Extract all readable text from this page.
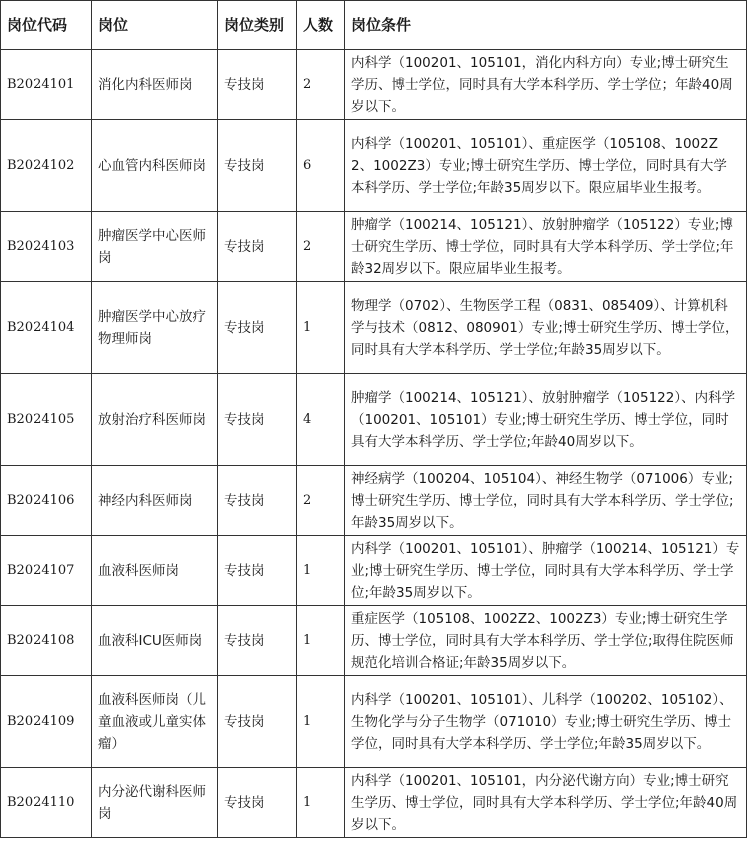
岗位代码	岗位	岗位类别	人数	岗位条件
B2024101	消化内科医师岗	专技岗	2	内科学（100201、105101，消化内科方向）专业;博士研究生学历、博士学位，同时具有大学本科学历、学士学位；年龄40周岁以下。
B2024102	心血管内科医师岗	专技岗	6	内科学（100201、105101）、重症医学（105108、1002Z2、1002Z3）专业;博士研究生学历、博士学位，同时具有大学本科学历、学士学位;年龄35周岁以下。限应届毕业生报考。
B2024103	肿瘤医学中心医师岗	专技岗	2	肿瘤学（100214、105121）、放射肿瘤学（105122）专业;博士研究生学历、博士学位，同时具有大学本科学历、学士学位;年龄32周岁以下。限应届毕业生报考。
B2024104	肿瘤医学中心放疗物理师岗	专技岗	1	物理学（0702）、生物医学工程（0831、085409）、计算机科学与技术（0812、080901）专业;博士研究生学历、博士学位，同时具有大学本科学历、学士学位;年龄35周岁以下。
B2024105	放射治疗科医师岗	专技岗	4	肿瘤学（100214、105121）、放射肿瘤学（105122）、内科学（100201、105101）专业;博士研究生学历、博士学位，同时具有大学本科学历、学士学位;年龄40周岁以下。
B2024106	神经内科医师岗	专技岗	2	神经病学（100204、105104）、神经生物学（071006）专业;博士研究生学历、博士学位，同时具有大学本科学历、学士学位;年龄35周岁以下。
B2024107	血液科医师岗	专技岗	1	内科学（100201、105101）、肿瘤学（100214、105121）专业;博士研究生学历、博士学位，同时具有大学本科学历、学士学位;年龄35周岁以下。
B2024108	血液科ICU医师岗	专技岗	1	重症医学（105108、1002Z2、1002Z3）专业;博士研究生学历、博士学位，同时具有大学本科学历、学士学位;取得住院医师规范化培训合格证;年龄35周岁以下。
B2024109	血液科医师岗（儿童血液或儿童实体瘤）	专技岗	1	内科学（100201、105101）、儿科学（100202、105102）、生物化学与分子生物学（071010）专业;博士研究生学历、博士学位，同时具有大学本科学历、学士学位;年龄35周岁以下。
B2024110	内分泌代谢科医师岗	专技岗	1	内科学（100201、105101，内分泌代谢方向）专业;博士研究生学历、博士学位，同时具有大学本科学历、学士学位;年龄40周岁以下。
